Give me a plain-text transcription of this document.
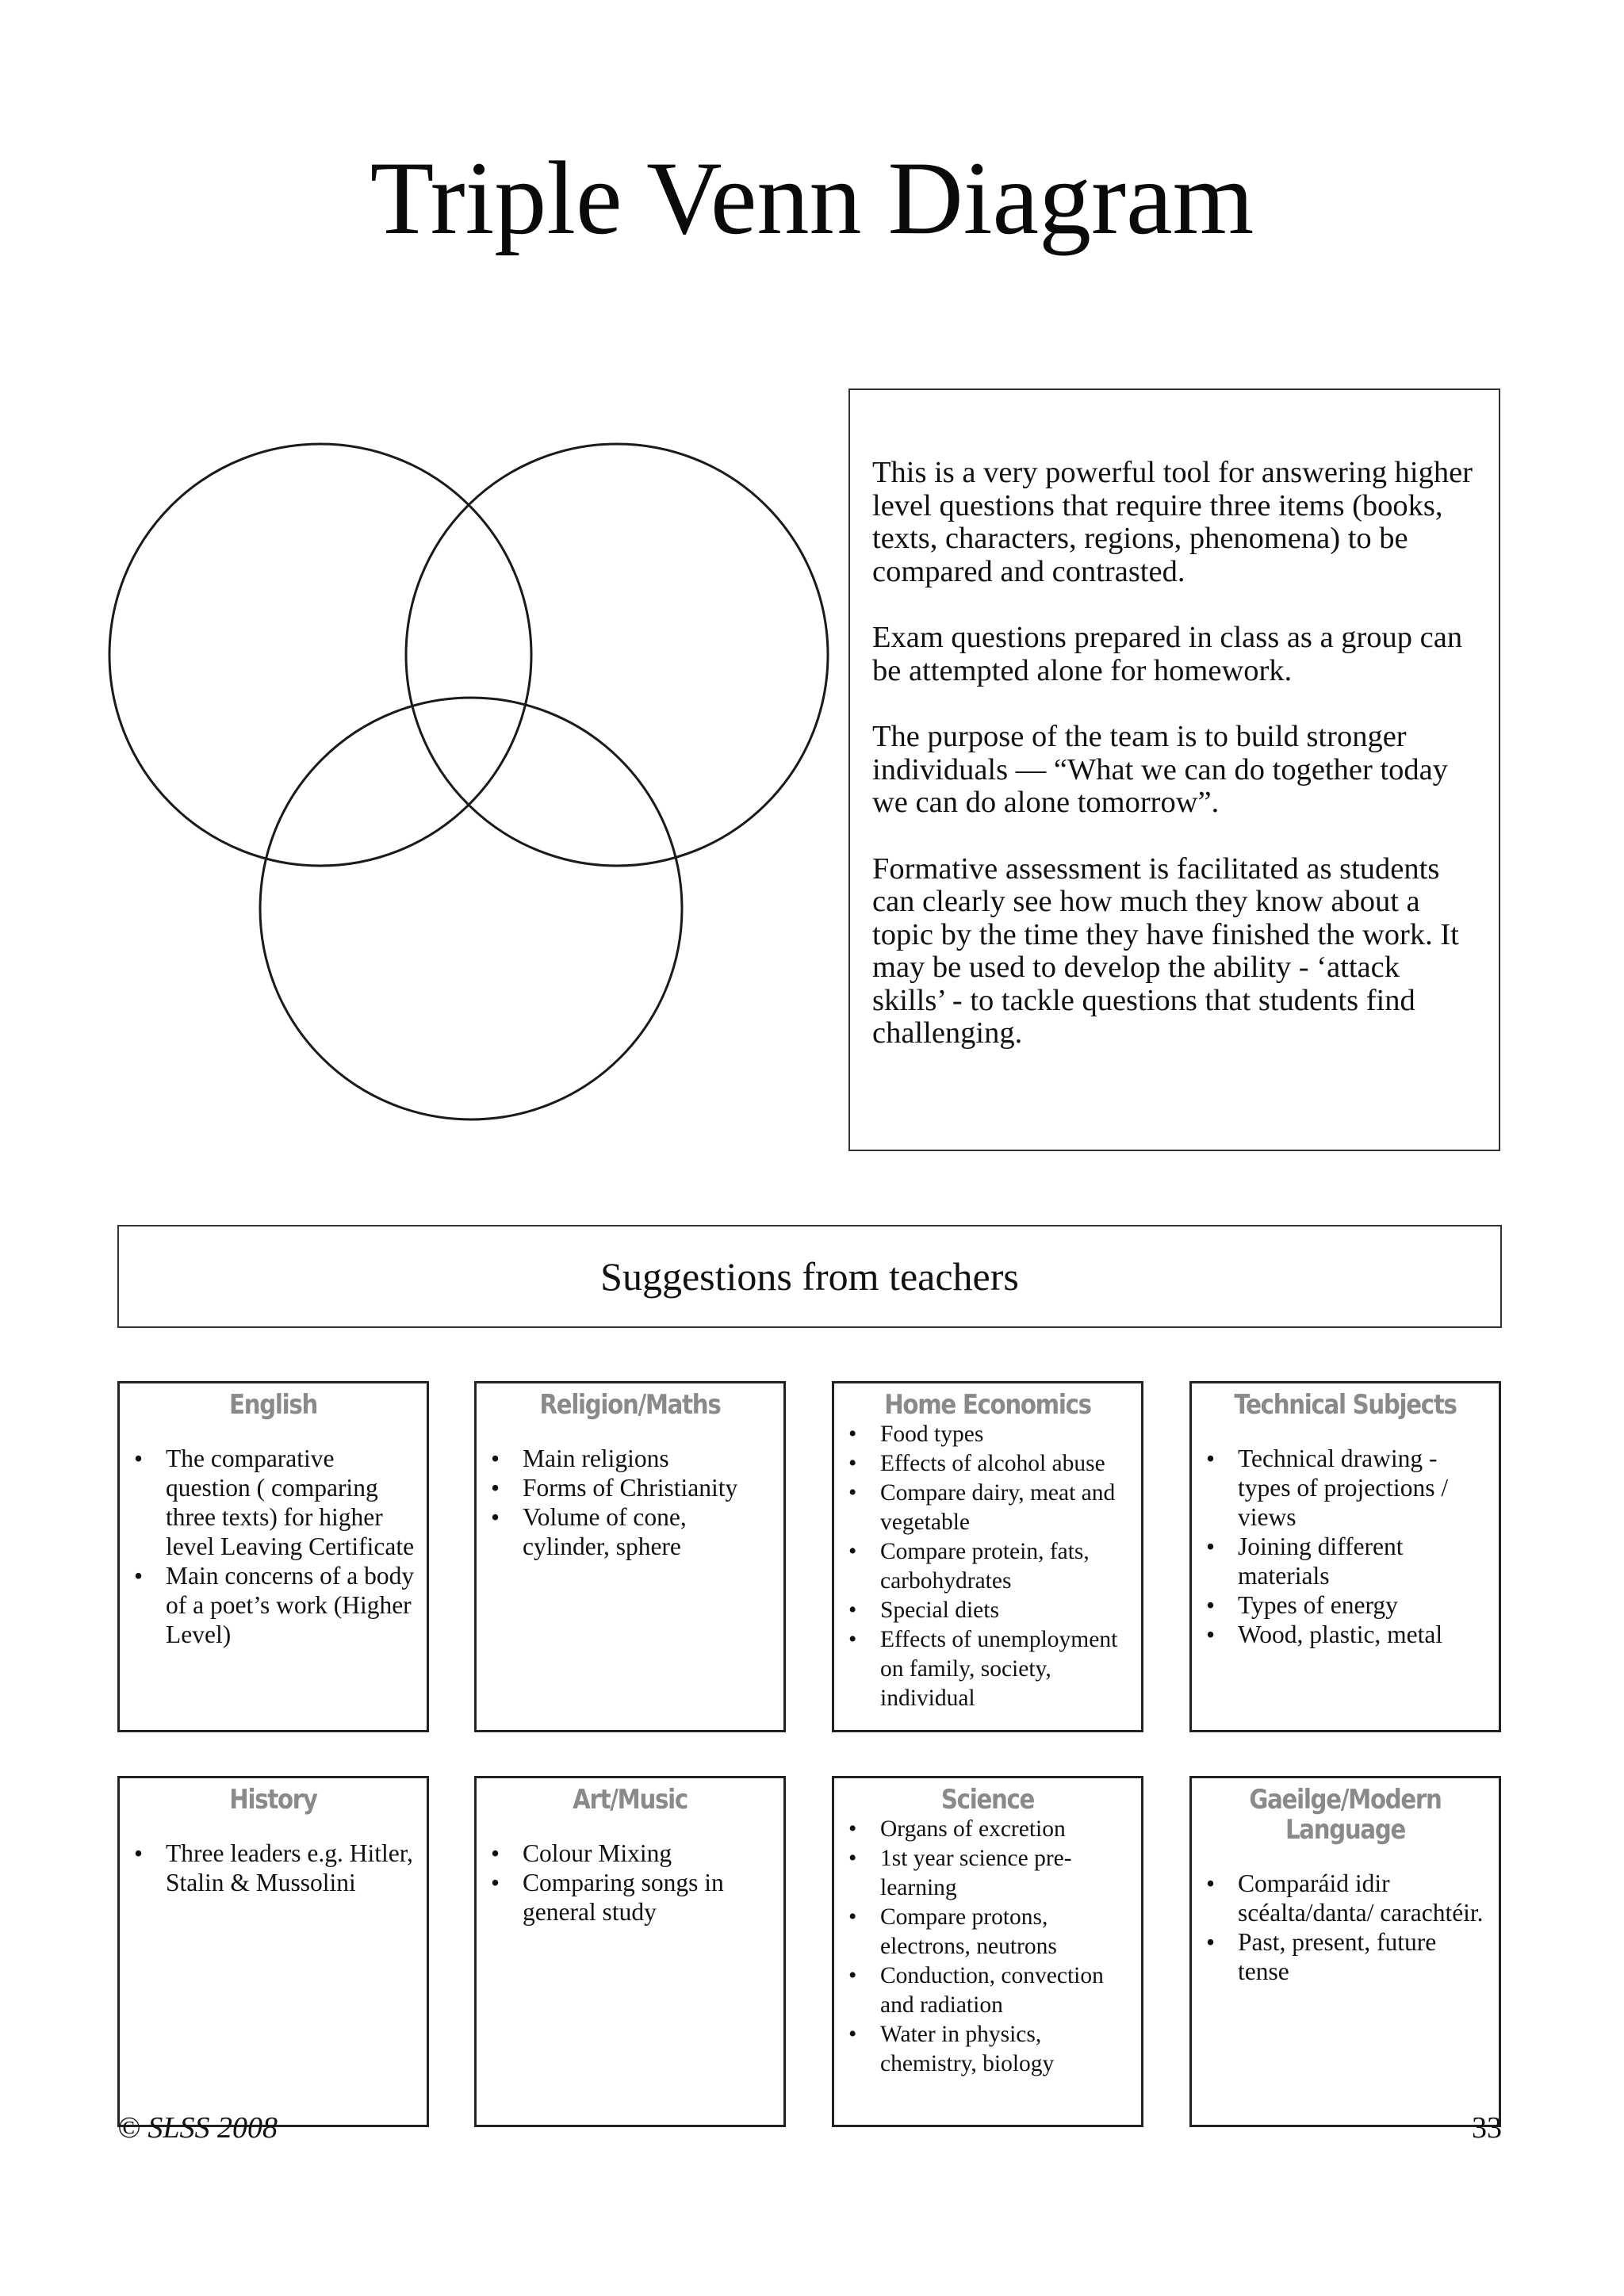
Triple Venn Diagram

This is a very powerful tool for answering higher level questions that require three items (books, texts, characters, regions, phenomena) to be compared and contrasted.

Exam questions prepared in class as a group can be attempted alone for homework.

The purpose of the team is to build stronger individuals — “What we can do together today we can do alone tomorrow”.

Formative assessment is facilitated as students can clearly see how much they know about a topic by the time they have finished the work. It may be used to develop the ability - ‘attack skills’ - to tackle questions that students find challenging.

Suggestions from teachers
English
• The comparative question ( comparing three texts) for higher level Leaving Certificate
• Main concerns of a body of a poet’s work (Higher Level)
Religion/Maths
• Main religions
• Forms of Christianity
• Volume of cone, cylinder, sphere
Home Economics
• Food types
• Effects of alcohol abuse
• Compare dairy, meat and vegetable
• Compare protein, fats, carbohydrates
• Special diets
• Effects of unemployment on family, society, individual
Technical Subjects
• Technical drawing - types of projections / views
• Joining different materials
• Types of energy
• Wood, plastic, metal
History
• Three leaders e.g. Hitler, Stalin & Mussolini
Art/Music
• Colour Mixing
• Comparing songs in general study
Science
• Organs of excretion
• 1st year science pre-learning
• Compare protons, electrons, neutrons
• Conduction, convection and radiation
• Water in physics, chemistry, biology
Gaeilge/Modern Language
• Comparáid idir scéalta/danta/ carachtéir.
• Past, present, future tense
© SLSS 2008	33
